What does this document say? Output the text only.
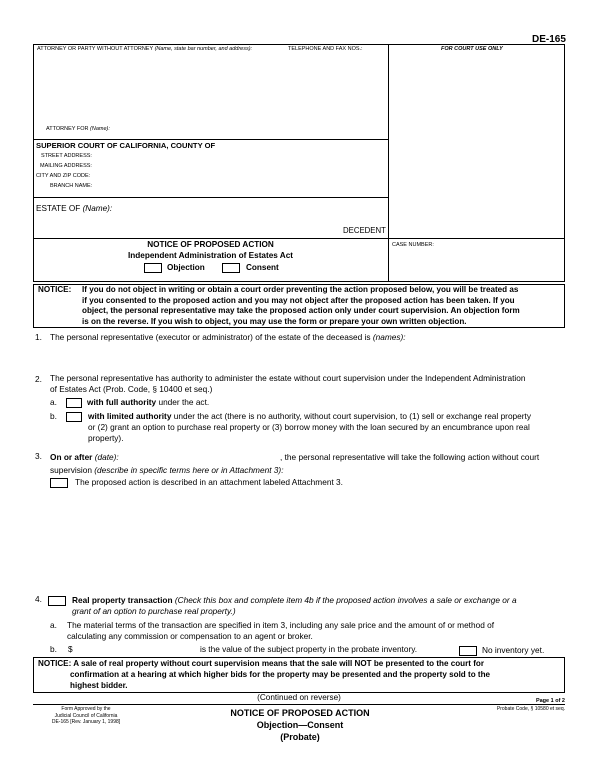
DE-165
ATTORNEY OR PARTY WITHOUT ATTORNEY (Name, state bar number, and address):	TELEPHONE AND FAX NOS.:	FOR COURT USE ONLY
ATTORNEY FOR (Name):
SUPERIOR COURT OF CALIFORNIA, COUNTY OF
STREET ADDRESS:
MAILING ADDRESS:
CITY AND ZIP CODE:
BRANCH NAME:
ESTATE OF (Name):
DECEDENT
NOTICE OF PROPOSED ACTION
Independent Administration of Estates Act
Objection	Consent
CASE NUMBER:
NOTICE: If you do not object in writing or obtain a court order preventing the action proposed below, you will be treated as
if you consented to the proposed action and you may not object after the proposed action has been taken. If you
object, the personal representative may take the proposed action only under court supervision. An objection form
is on the reverse. If you wish to object, you may use the form or prepare your own written objection.
1. The personal representative (executor or administrator) of the estate of the deceased is (names):
2. The personal representative has authority to administer the estate without court supervision under the Independent Administration
of Estates Act (Prob. Code, § 10400 et seq.)
a.	with full authority under the act.
b.	with limited authority under the act (there is no authority, without court supervision, to (1) sell or exchange real property
or (2) grant an option to purchase real property or (3) borrow money with the loan secured by an encumbrance upon real
property).
3. On or after (date):	, the personal representative will take the following action without court
supervision (describe in specific terms here or in Attachment 3):
The proposed action is described in an attachment labeled Attachment 3.
4.	Real property transaction (Check this box and complete item 4b if the proposed action involves a sale or exchange or a
grant of an option to purchase real property.)
a. The material terms of the transaction are specified in item 3, including any sale price and the amount of or method of
calculating any commission or compensation to an agent or broker.
b. $	is the value of the subject property in the probate inventory.	No inventory yet.
NOTICE: A sale of real property without court supervision means that the sale will NOT be presented to the court for
confirmation at a hearing at which higher bids for the property may be presented and the property sold to the
highest bidder.
(Continued on reverse)
Form Approved by the
Judicial Council of California
DE-165 [Rev. January 1, 1998]
NOTICE OF PROPOSED ACTION
Objection—Consent
(Probate)
Page 1 of 2
Probate Code, § 10580 et seq.
